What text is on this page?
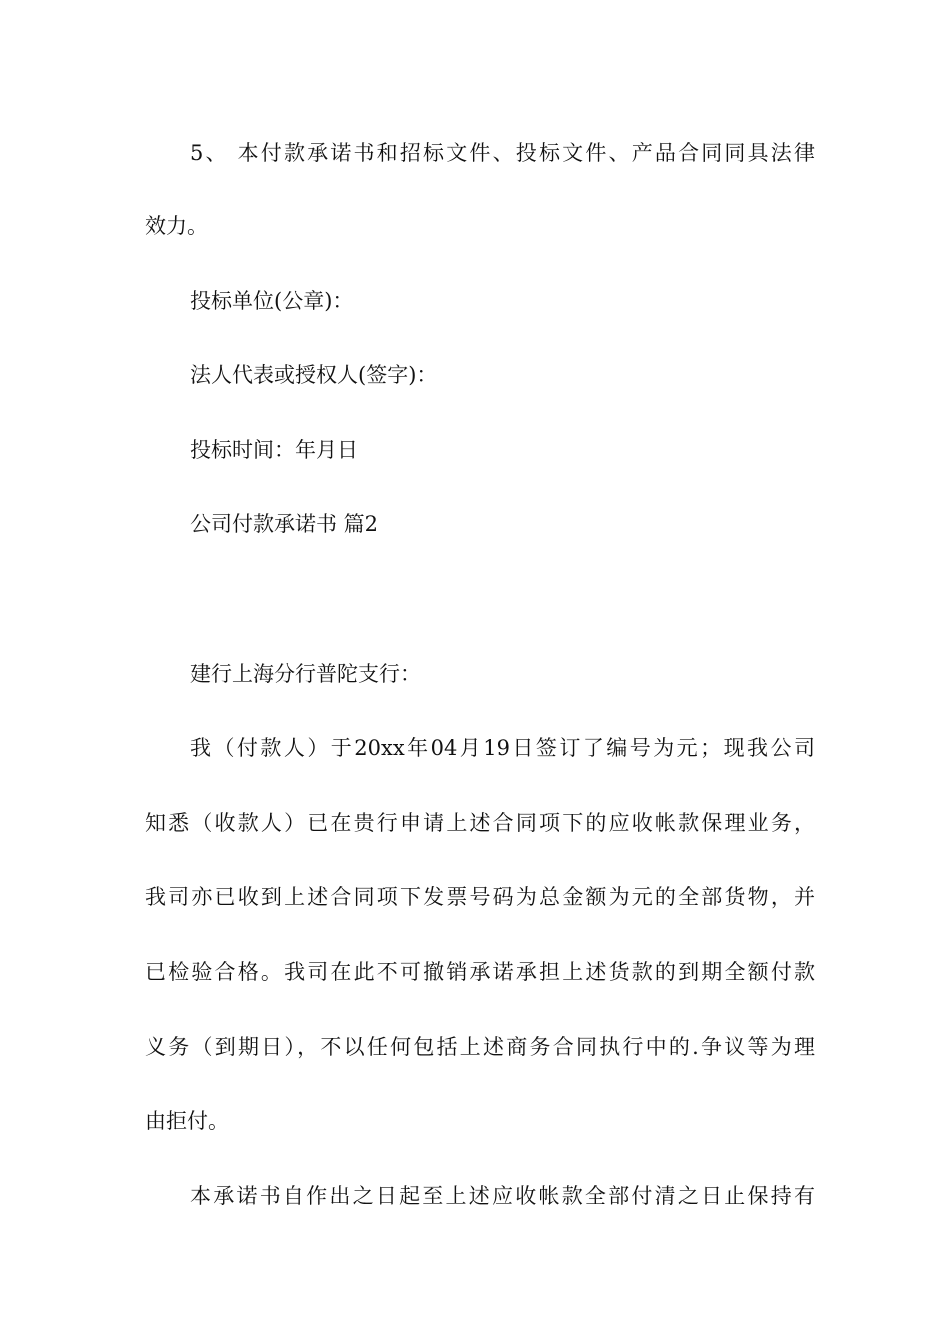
5、 本付款承诺书和招标文件、投标文件、产品合同同具法律
效力。
投标单位(公章)：
法人代表或授权人(签字)：
投标时间：年月日
公司付款承诺书 篇2
建行上海分行普陀支行：
我（付款人）于20xx年04月19日签订了编号为元；现我公司
知悉（收款人）已在贵行申请上述合同项下的应收帐款保理业务，
我司亦已收到上述合同项下发票号码为总金额为元的全部货物，并
已检验合格。我司在此不可撤销承诺承担上述货款的到期全额付款
义务（到期日），不以任何包括上述商务合同执行中的.争议等为理
由拒付。
本承诺书自作出之日起至上述应收帐款全部付清之日止保持有
